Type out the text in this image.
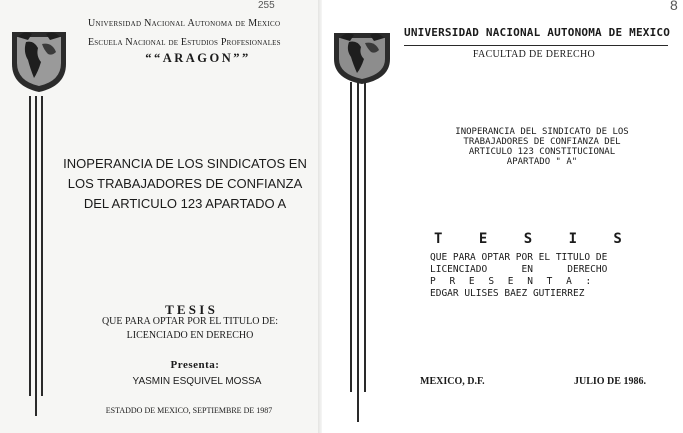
255
Universidad Nacional Autonoma de Mexico
Escuela Nacional de Estudios Profesionales
““ARAGON””
INOPERANCIA DE LOS SINDICATOS EN
LOS TRABAJADORES DE CONFIANZA
DEL ARTICULO 123 APARTADO A
T E S I S
QUE PARA OPTAR POR EL TITULO DE:
LICENCIADO EN DERECHO
Presenta:
YASMIN ESQUIVEL MOSSA
ESTADDO DE MEXICO, SEPTIEMBRE DE 1987
8
UNIVERSIDAD NACIONAL AUTONOMA DE MEXICO
FACULTAD DE DERECHO
INOPERANCIA DEL SINDICATO DE LOS
TRABAJADORES DE CONFIANZA DEL
ARTICULO 123 CONSTITUCIONAL
APARTADO " A"
T E S I S
QUE PARA OPTAR POR EL TITULO DE
LICENCIADO      EN      DERECHO
P R E S E N T A :
EDGAR ULISES BAEZ GUTIERREZ
MEXICO, D.F.	JULIO DE 1986.
